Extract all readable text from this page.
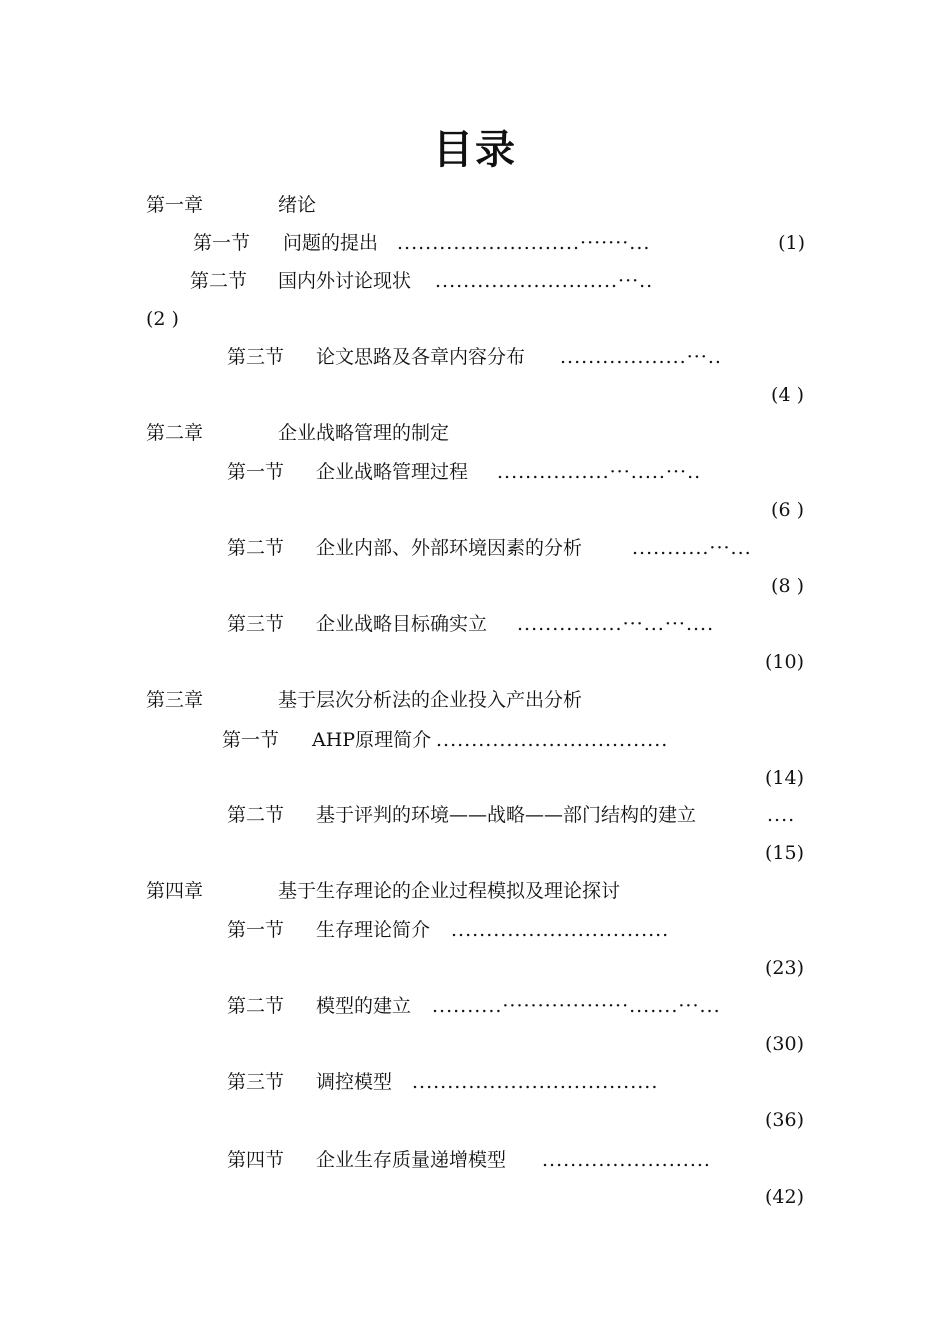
目录
第一章	绪论
第一节 问题的提出 ..........................·······...	(1)
第二节 国内外讨论现状 ..........................···..
(2 )
第三节 论文思路及各章内容分布 ..................···..
(4 )
第二章	企业战略管理的制定
第一节 企业战略管理过程 ................···.....···..
(6 )
第二节 企业内部、外部环境因素的分析	...........···...
(8 )
第三节 企业战略目标确实立 ...............···...···....
(10)
第三章	基于层次分析法的企业投入产出分析
第一节 AHP原理简介 .................................
(14)
第二节 基于评判的环境——战略——部门结构的建立	....
(15)
第四章	基于生存理论的企业过程模拟及理论探讨
第一节 生存理论简介 ...............................
(23)
第二节 模型的建立 ..........··················.......···...
(30)
第三节 调控模型 ...................................
(36)
第四节 企业生存质量递增模型 ........................
(42)
